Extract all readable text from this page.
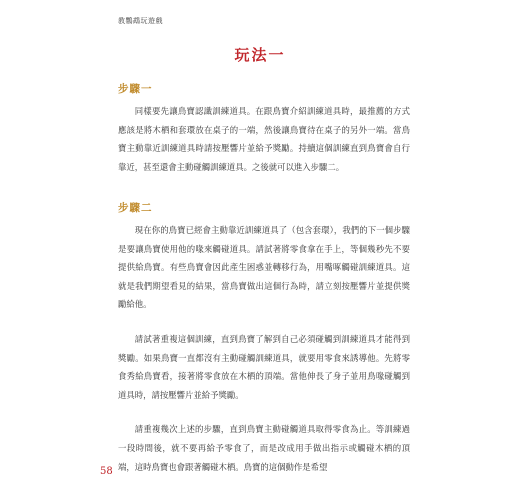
教鸚鵡玩遊戲
玩法一
步驟一

同樣要先讓鳥寶認識訓練道具。在跟鳥寶介紹訓練道具時，最推薦的方式應該是將木栖和套環放在桌子的一端，然後讓鳥寶待在桌子的另外一端。當鳥寶主動靠近訓練道具時請按壓響片並給予獎勵。持續這個訓練直到鳥寶會自行靠近，甚至還會主動碰觸訓練道具。之後就可以進入步驟二。

步驟二

現在你的鳥寶已經會主動靠近訓練道具了（包含套環），我們的下一個步驟是要讓鳥寶使用他的喙來觸碰道具。請試著將零食拿在手上，等個幾秒先不要提供給鳥寶。有些鳥寶會因此產生困惑並轉移行為，用嘴啄觸碰訓練道具。這就是我們期望看見的結果，當鳥寶做出這個行為時，請立刻按壓響片並提供獎勵給他。

請試著重複這個訓練，直到鳥寶了解到自己必須碰觸到訓練道具才能得到獎勵。如果鳥寶一直都沒有主動碰觸訓練道具，就要用零食來誘導他。先將零食秀給鳥寶看，接著將零食放在木栖的頂端。當他伸長了身子並用鳥喙碰觸到道具時，請按壓響片並給予獎勵。

請重複幾次上述的步驟，直到鳥寶主動碰觸道具取得零食為止。等訓練過一段時間後，就不要再給予零食了，而是改成用手做出指示或觸碰木栖的頂端，這時鳥寶也會跟著觸碰木栖。鳥寶的這個動作是希望

58
